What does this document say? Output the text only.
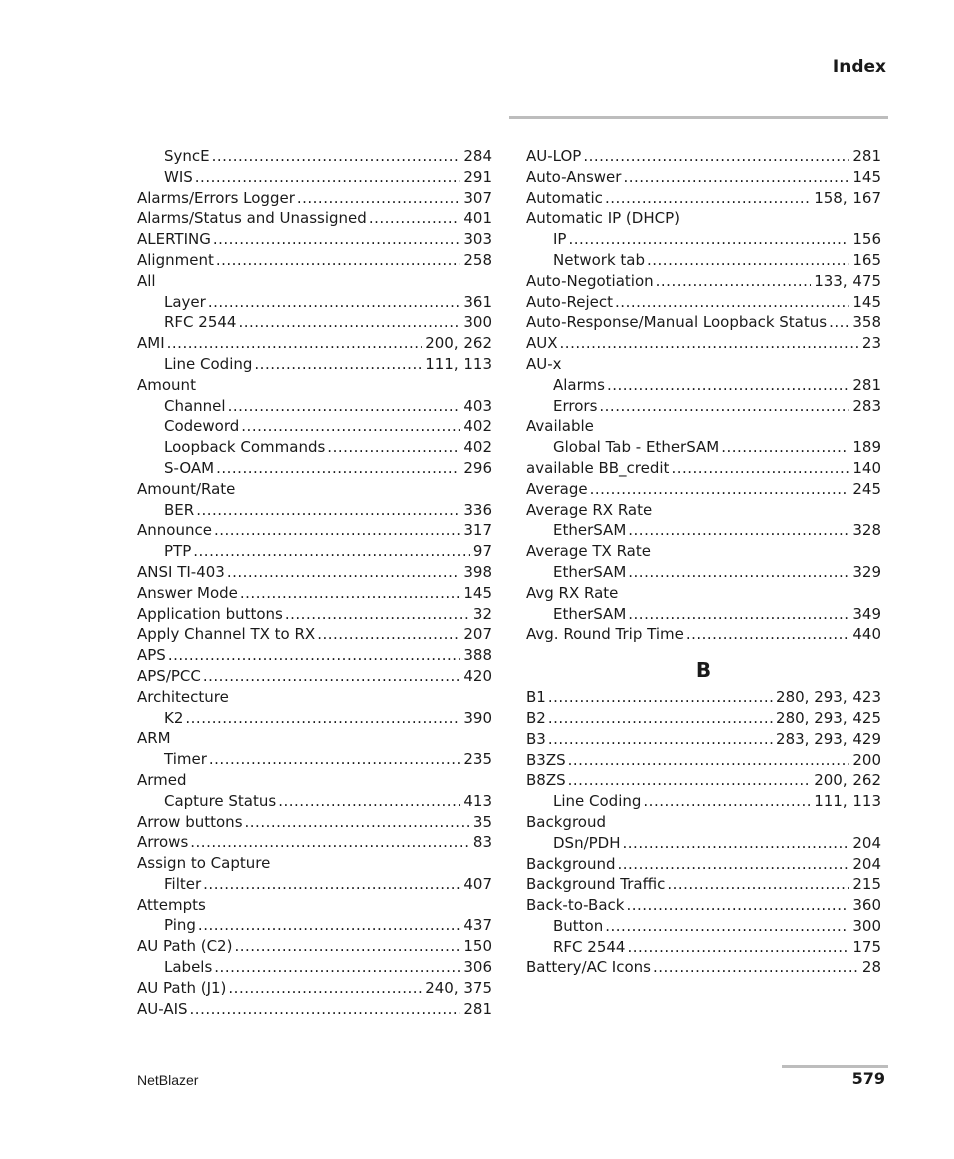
Index
SyncE .....	284
WIS .....	291
Alarms/Errors Logger .....	307
Alarms/Status and Unassigned .....	401
ALERTING .....	303
Alignment .....	258
All
Layer .....	361
RFC 2544 .....	300
AMI .....	200, 262
Line Coding .....	111, 113
Amount
Channel .....	403
Codeword .....	402
Loopback Commands .....	402
S-OAM .....	296
Amount/Rate
BER .....	336
Announce .....	317
PTP .....	97
ANSI TI-403 .....	398
Answer Mode .....	145
Application buttons .....	32
Apply Channel TX to RX .....	207
APS .....	388
APS/PCC .....	420
Architecture
K2 .....	390
ARM
Timer .....	235
Armed
Capture Status .....	413
Arrow buttons .....	35
Arrows .....	83
Assign to Capture
Filter .....	407
Attempts
Ping .....	437
AU Path (C2) .....	150
Labels .....	306
AU Path (J1) .....	240, 375
AU-AIS .....	281
AU-LOP .....	281
Auto-Answer .....	145
Automatic .....	158, 167
Automatic IP (DHCP)
IP .....	156
Network tab .....	165
Auto-Negotiation .....	133, 475
Auto-Reject .....	145
Auto-Response/Manual Loopback Status ..... 358
AUX .....	23
AU-x
Alarms .....	281
Errors .....	283
Available
Global Tab - EtherSAM .....	189
available BB_credit .....	140
Average .....	245
Average RX Rate
EtherSAM .....	328
Average TX Rate
EtherSAM .....	329
Avg RX Rate
EtherSAM .....	349
Avg. Round Trip Time .....	440
B
B1 .....	280, 293, 423
B2 .....	280, 293, 425
B3 .....	283, 293, 429
B3ZS .....	200
B8ZS .....	200, 262
Line Coding .....	111, 113
Backgroud
DSn/PDH .....	204
Background .....	204
Background Traffic .....	215
Back-to-Back .....	360
Button .....	300
RFC 2544 .....	175
Battery/AC Icons .....	28
NetBlazer	579
